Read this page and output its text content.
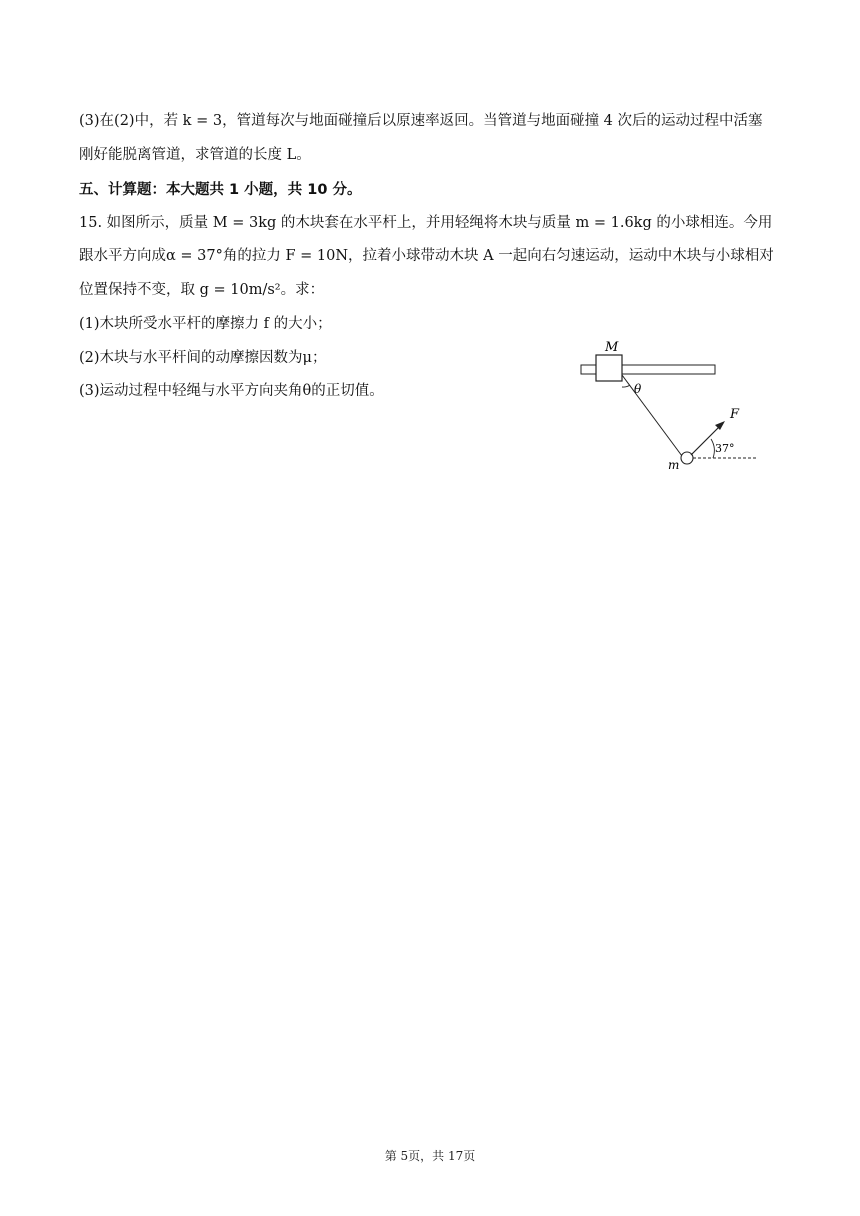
(3)在(2)中，若 k = 3，管道每次与地面碰撞后以原速率返回。当管道与地面碰撞 4 次后的运动过程中活塞

刚好能脱离管道，求管道的长度 L。

五、计算题：本大题共 1 小题，共 10 分。

15. 如图所示，质量 M = 3kg 的木块套在水平杆上，并用轻绳将木块与质量 m = 1.6kg 的小球相连。今用

跟水平方向成α = 37°角的拉力 F = 10N，拉着小球带动木块 A 一起向右匀速运动，运动中木块与小球相对

位置保持不变，取 g = 10m/s²。求：

(1)木块所受水平杆的摩擦力 f 的大小；

(2)木块与水平杆间的动摩擦因数为μ；

(3)运动过程中轻绳与水平方向夹角θ的正切值。

M
θ
m
F
37°
第 5页，共 17页
